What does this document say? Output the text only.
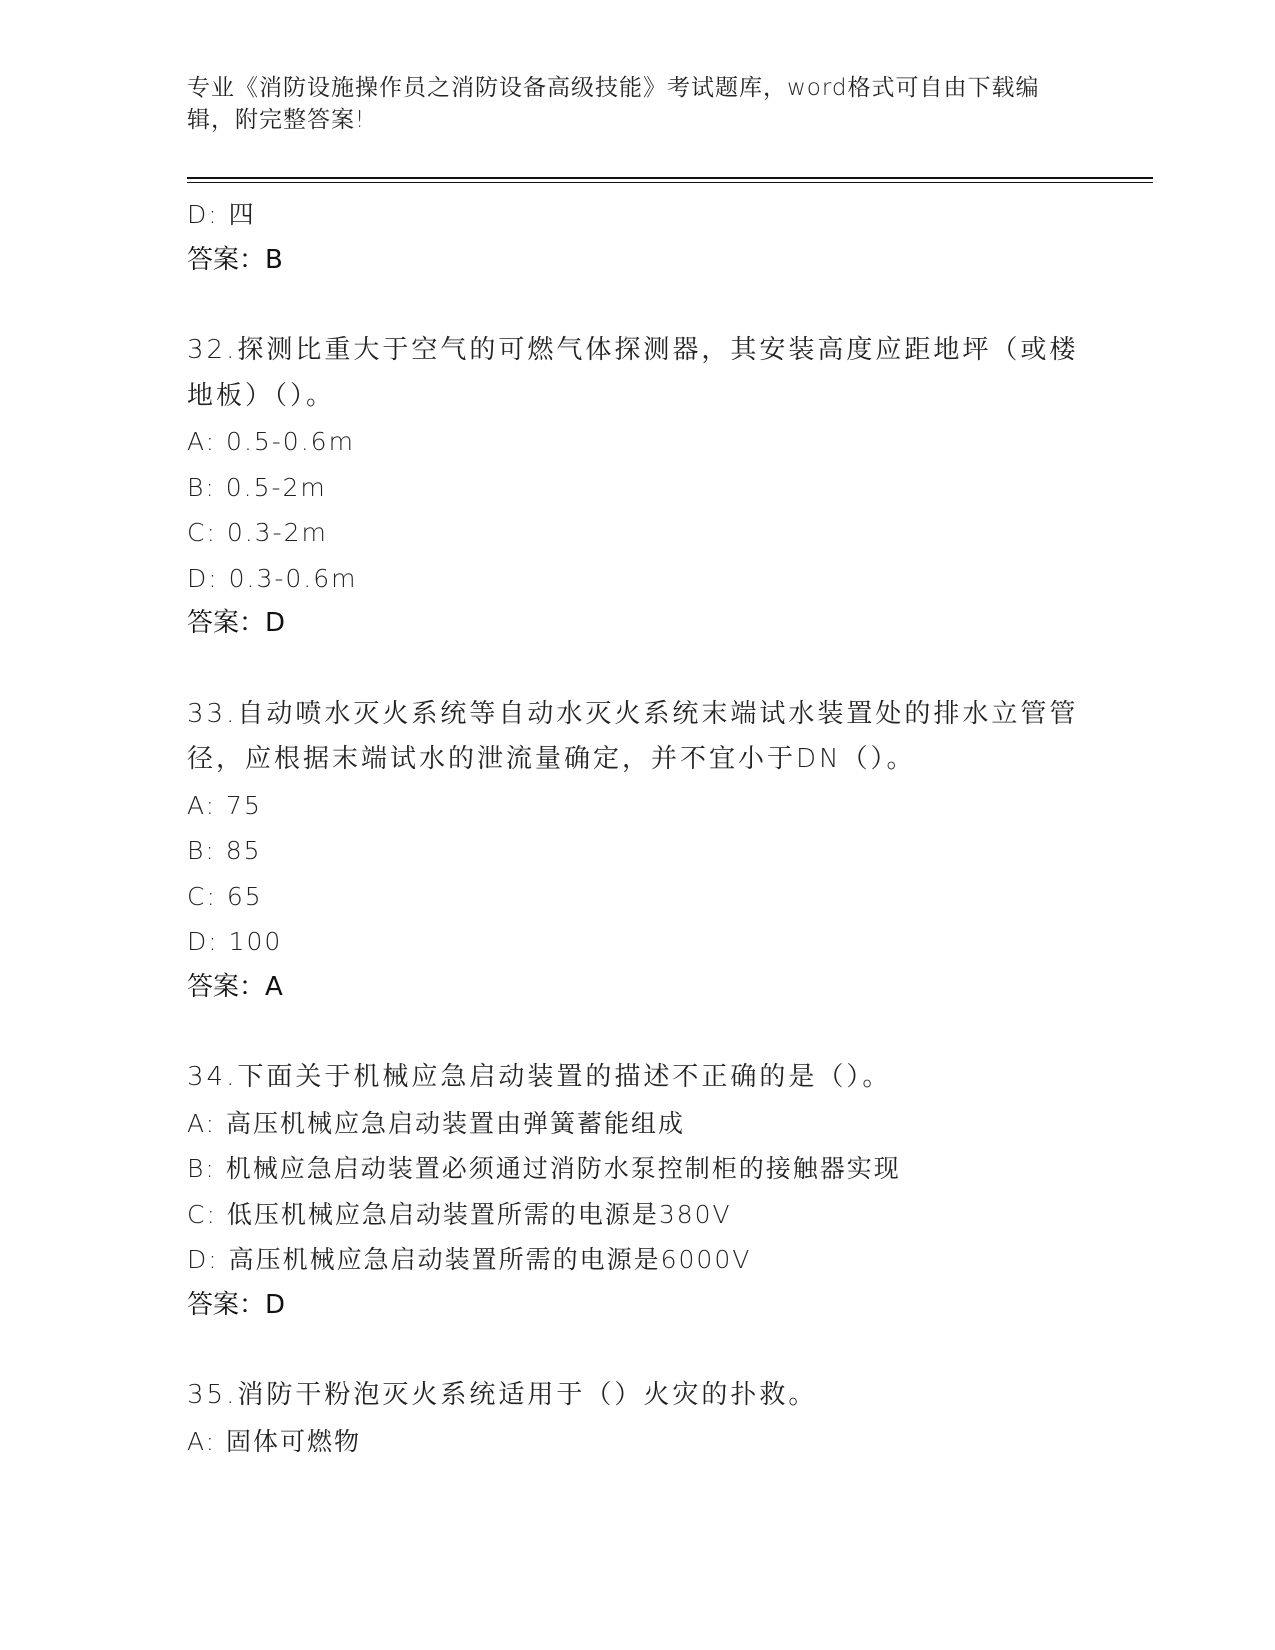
专业《消防设施操作员之消防设备高级技能》考试题库，word格式可自由下载编
辑，附完整答案!
D: 四
答案：B
32.探测比重大于空气的可燃气体探测器，其安装高度应距地坪（或楼
地板）（）。
A: 0.5-0.6m
B: 0.5-2m
C: 0.3-2m
D: 0.3-0.6m
答案：D
33.自动喷水灭火系统等自动水灭火系统末端试水装置处的排水立管管
径，应根据末端试水的泄流量确定，并不宜小于DN（）。
A: 75
B: 85
C: 65
D: 100
答案：A
34.下面关于机械应急启动装置的描述不正确的是（）。
A: 高压机械应急启动装置由弹簧蓄能组成
B: 机械应急启动装置必须通过消防水泵控制柜的接触器实现
C: 低压机械应急启动装置所需的电源是380V
D: 高压机械应急启动装置所需的电源是6000V
答案：D
35.消防干粉泡灭火系统适用于（）火灾的扑救。
A: 固体可燃物
